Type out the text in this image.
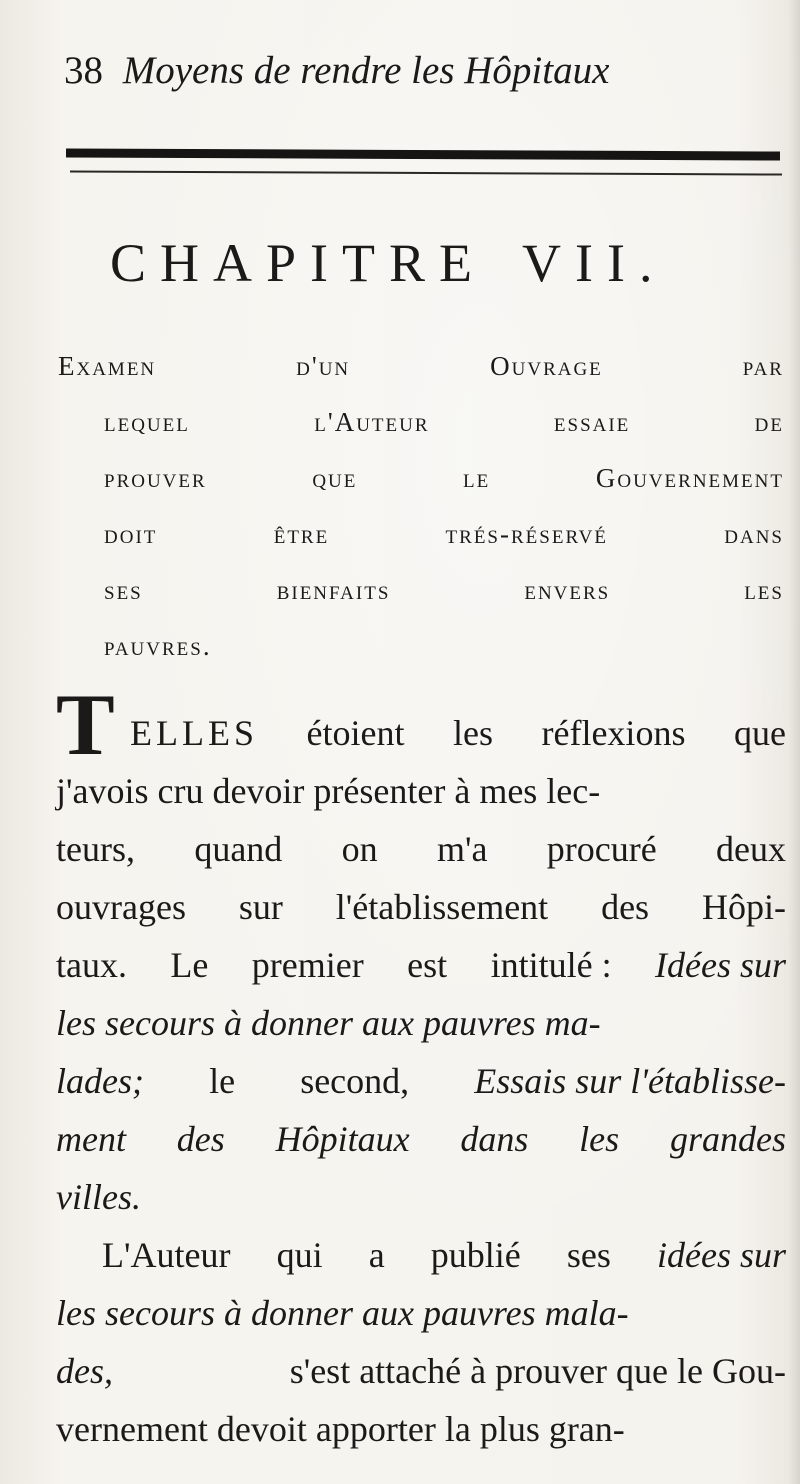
38 Moyens de rendre les Hôpitaux
CHAPITRE VII.
Examen	d'un	Ouvrage	par
lequel	l'Auteur	essaie	de
prouver	que	le	Gouvernement
doit	être	trés-réservé	dans
ses	bienfaits	envers	les
pauvres.
T ELLES étoient les réflexions que
j'avois cru devoir présenter à mes lec-
teurs, quand on m'a procuré deux
ouvrages sur l'établissement des Hôpi-
taux. Le premier est intitulé : Idées sur
les secours à donner aux pauvres ma-
lades; le second, Essais sur l'établisse-
ment des Hôpitaux dans les grandes
villes.
L'Auteur qui a publié ses idées sur
les secours à donner aux pauvres mala-
des,	s'est attaché à prouver que le Gou-
vernement devoit apporter la plus gran-
